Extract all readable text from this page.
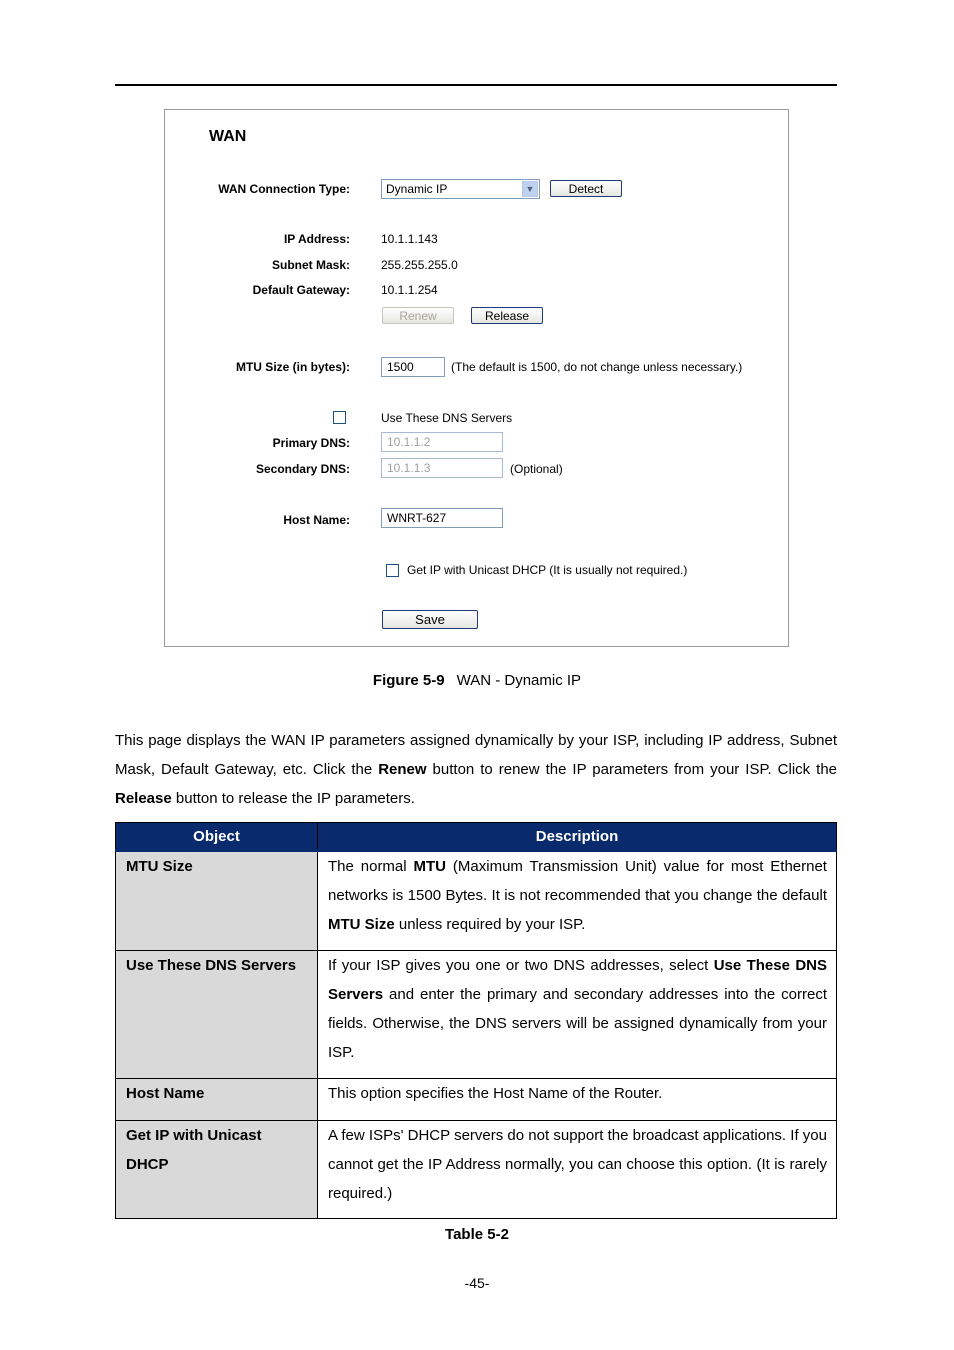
WAN
WAN Connection Type:	Dynamic IP	▼	Detect
IP Address:	10.1.1.143
Subnet Mask:	255.255.255.0
Default Gateway:	10.1.1.254
Renew	Release
MTU Size (in bytes):	1500	(The default is 1500, do not change unless necessary.)
Use These DNS Servers
Primary DNS:	10.1.1.2
Secondary DNS:	10.1.1.3	(Optional)
Host Name:	WNRT-627
Get IP with Unicast DHCP (It is usually not required.)
Save
Figure 5-9 WAN - Dynamic IP
This page displays the WAN IP parameters assigned dynamically by your ISP, including IP address, Subnet Mask, Default Gateway, etc. Click the Renew button to renew the IP parameters from your ISP. Click the Release button to release the IP parameters.
Object	Description
MTU Size	The normal MTU (Maximum Transmission Unit) value for most Ethernet networks is 1500 Bytes. It is not recommended that you change the default MTU Size unless required by your ISP.
Use These DNS Servers	If your ISP gives you one or two DNS addresses, select Use These DNS Servers and enter the primary and secondary addresses into the correct fields. Otherwise, the DNS servers will be assigned dynamically from your ISP.
Host Name	This option specifies the Host Name of the Router.
Get IP with Unicast DHCP	A few ISPs' DHCP servers do not support the broadcast applications. If you cannot get the IP Address normally, you can choose this option. (It is rarely required.)
Table 5-2
-45-
